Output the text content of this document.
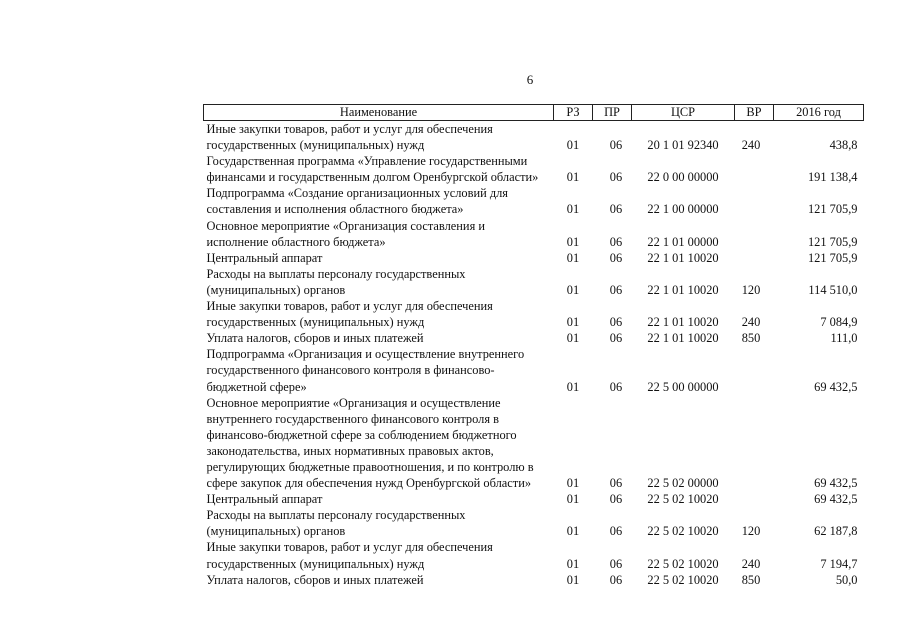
6
Наименование	РЗ	ПР	ЦСР	ВР	2016 год
Иные закупки товаров, работ и услуг для обеспечения государственных (муниципальных) нужд	01	06	20 1 01 92340	240	438,8
Государственная программа «Управление государственными финансами и государственным долгом Оренбургской области»	01	06	22 0 00 00000		191 138,4
Подпрограмма «Создание организационных условий для составления и исполнения областного бюджета»	01	06	22 1 00 00000		121 705,9
Основное мероприятие «Организация составления и исполнение областного бюджета»	01	06	22 1 01 00000		121 705,9
Центральный аппарат	01	06	22 1 01 10020		121 705,9
Расходы на выплаты персоналу государственных (муниципальных) органов	01	06	22 1 01 10020	120	114 510,0
Иные закупки товаров, работ и услуг для обеспечения государственных (муниципальных) нужд	01	06	22 1 01 10020	240	7 084,9
Уплата налогов, сборов и иных платежей	01	06	22 1 01 10020	850	111,0
Подпрограмма «Организация и осуществление внутреннего государственного финансового контроля в финансово-бюджетной сфере»	01	06	22 5 00 00000		69 432,5
Основное мероприятие «Организация и осуществление внутреннего государственного финансового контроля в финансово-бюджетной сфере за соблюдением бюджетного законодательства, иных нормативных правовых актов, регулирующих бюджетные правоотношения, и по контролю в сфере закупок для обеспечения нужд Оренбургской области»	01	06	22 5 02 00000		69 432,5
Центральный аппарат	01	06	22 5 02 10020		69 432,5
Расходы на выплаты персоналу государственных (муниципальных) органов	01	06	22 5 02 10020	120	62 187,8
Иные закупки товаров, работ и услуг для обеспечения государственных (муниципальных) нужд	01	06	22 5 02 10020	240	7 194,7
Уплата налогов, сборов и иных платежей	01	06	22 5 02 10020	850	50,0
